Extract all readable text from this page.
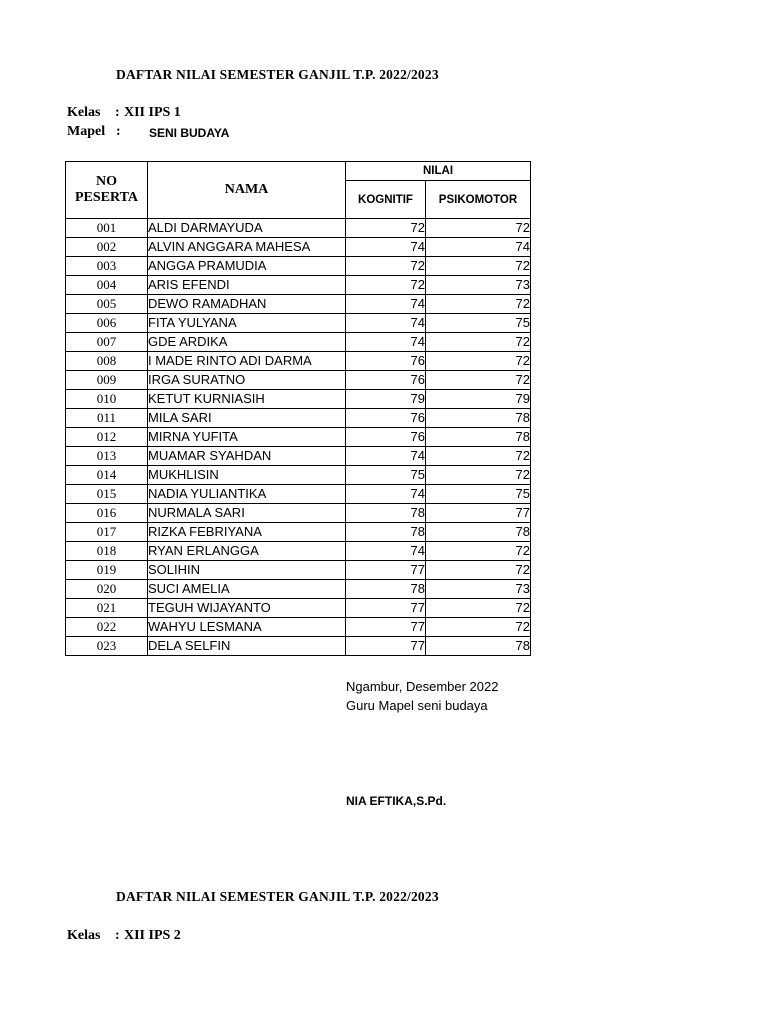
DAFTAR NILAI SEMESTER GANJIL T.P. 2022/2023
Kelas : XII IPS 1
Mapel : SENI BUDAYA
NO
PESERTA	NAMA	NILAI	
		KOGNITIF	PSIKOMOTOR
001	ALDI DARMAYUDA	72	72
002	ALVIN ANGGARA MAHESA	74	74
003	ANGGA PRAMUDIA	72	72
004	ARIS EFENDI	72	73
005	DEWO RAMADHAN	74	72
006	FITA YULYANA	74	75
007	GDE ARDIKA	74	72
008	I MADE RINTO ADI DARMA	76	72
009	IRGA SURATNO	76	72
010	KETUT KURNIASIH	79	79
011	MILA SARI	76	78
012	MIRNA YUFITA	76	78
013	MUAMAR SYAHDAN	74	72
014	MUKHLISIN	75	72
015	NADIA YULIANTIKA	74	75
016	NURMALA SARI	78	77
017	RIZKA FEBRIYANA	78	78
018	RYAN ERLANGGA	74	72
019	SOLIHIN	77	72
020	SUCI AMELIA	78	73
021	TEGUH WIJAYANTO	77	72
022	WAHYU LESMANA	77	72
023	DELA SELFIN	77	78
Ngambur, Desember 2022
Guru Mapel seni budaya
NIA EFTIKA,S.Pd.
DAFTAR NILAI SEMESTER GANJIL T.P. 2022/2023
Kelas : XII IPS 2
